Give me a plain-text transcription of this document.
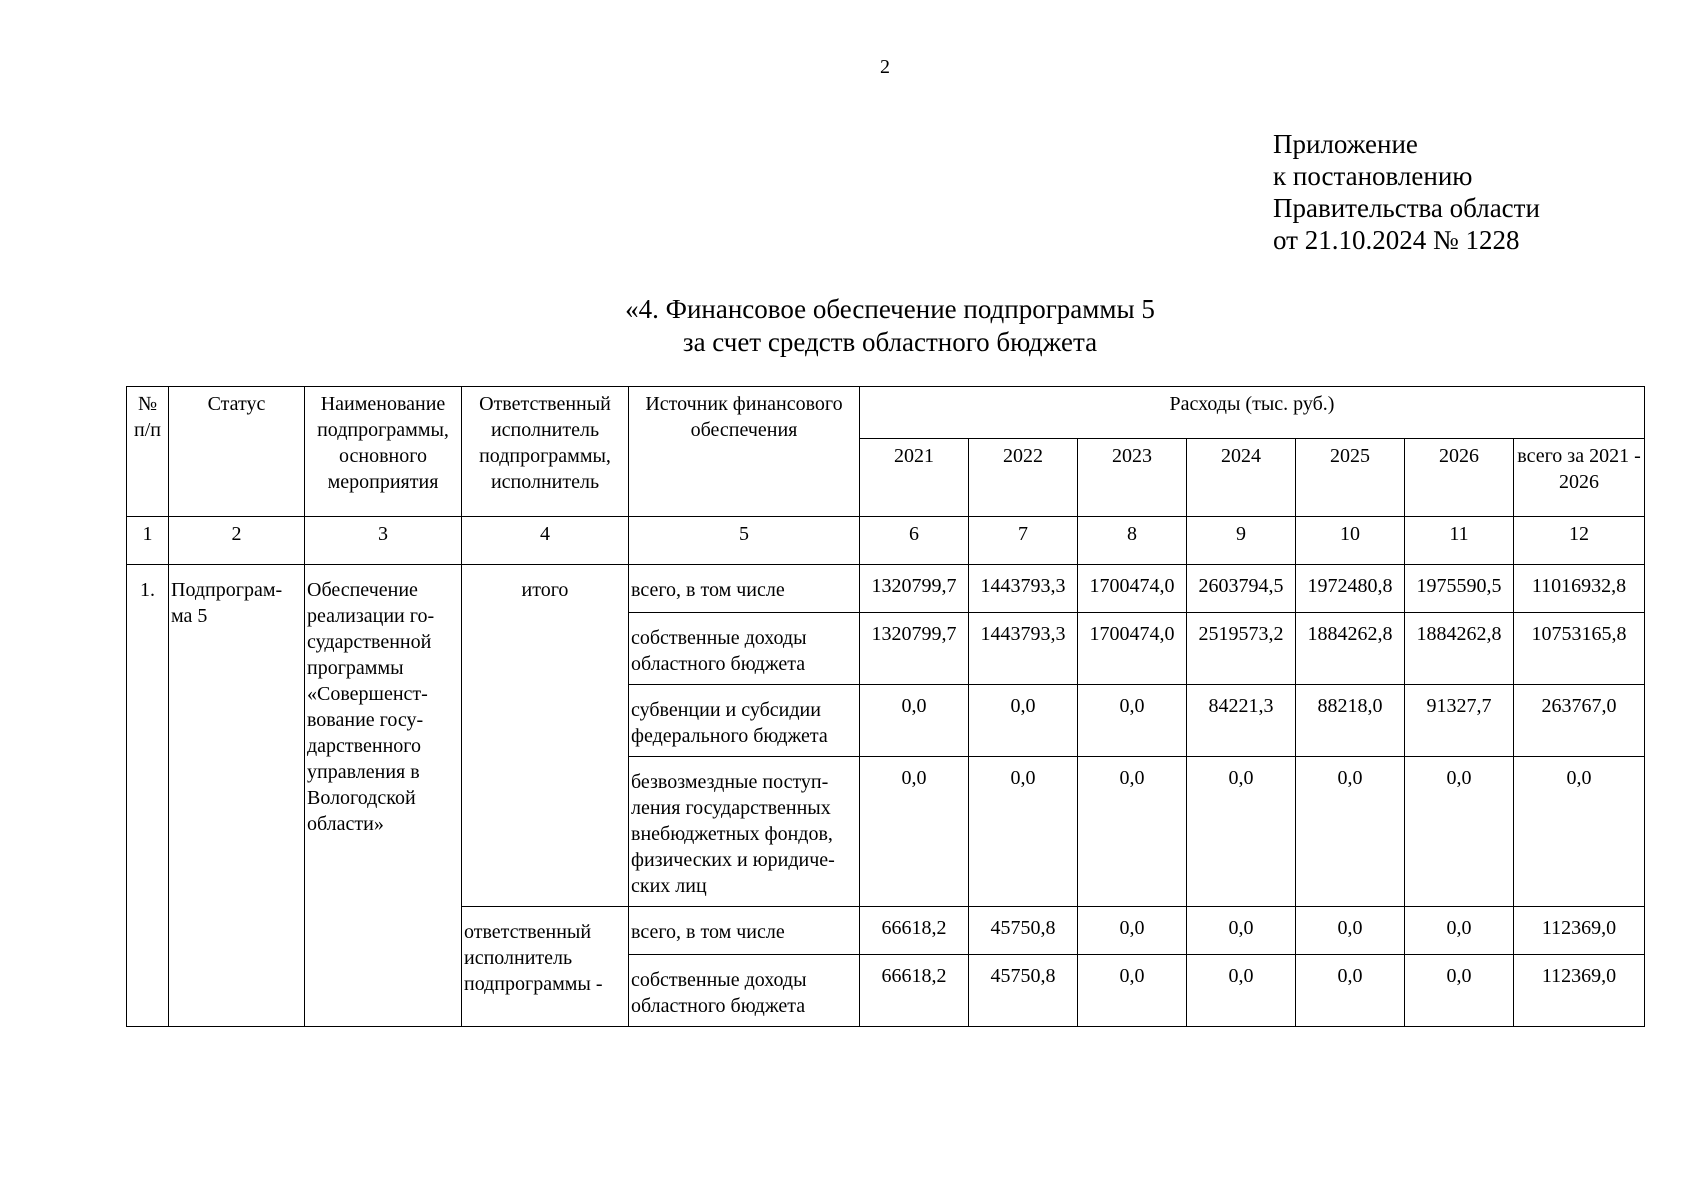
2
Приложение
к постановлению
Правительства области
от 21.10.2024 № 1228
«4. Финансовое обеспечение подпрограммы 5
за счет средств областного бюджета
№ п/п	Статус	Наименование подпрограммы, основного мероприятия	Ответственный исполнитель подпрограммы, исполнитель	Источник финансового обеспечения	Расходы (тыс. руб.)						
					2021	2022	2023	2024	2025	2026	всего за 2021 - 2026
1	2	3	4	5	6	7	8	9	10	11	12
1.	Подпрограм-ма 5	Обеспечение реализации го-сударственной программы «Совершенст-вование госу-дарственного управления в Вологодской области»	итого	всего, в том числе	1320799,7	1443793,3	1700474,0	2603794,5	1972480,8	1975590,5	11016932,8
				собственные доходы областного бюджета	1320799,7	1443793,3	1700474,0	2519573,2	1884262,8	1884262,8	10753165,8
				субвенции и субсидии федерального бюджета	0,0	0,0	0,0	84221,3	88218,0	91327,7	263767,0
				безвозмездные поступ-ления государственных внебюджетных фондов, физических и юридиче-ских лиц	0,0	0,0	0,0	0,0	0,0	0,0	0,0
			ответственный исполнитель подпрограммы -	всего, в том числе	66618,2	45750,8	0,0	0,0	0,0	0,0	112369,0
				собственные доходы областного бюджета	66618,2	45750,8	0,0	0,0	0,0	0,0	112369,0
